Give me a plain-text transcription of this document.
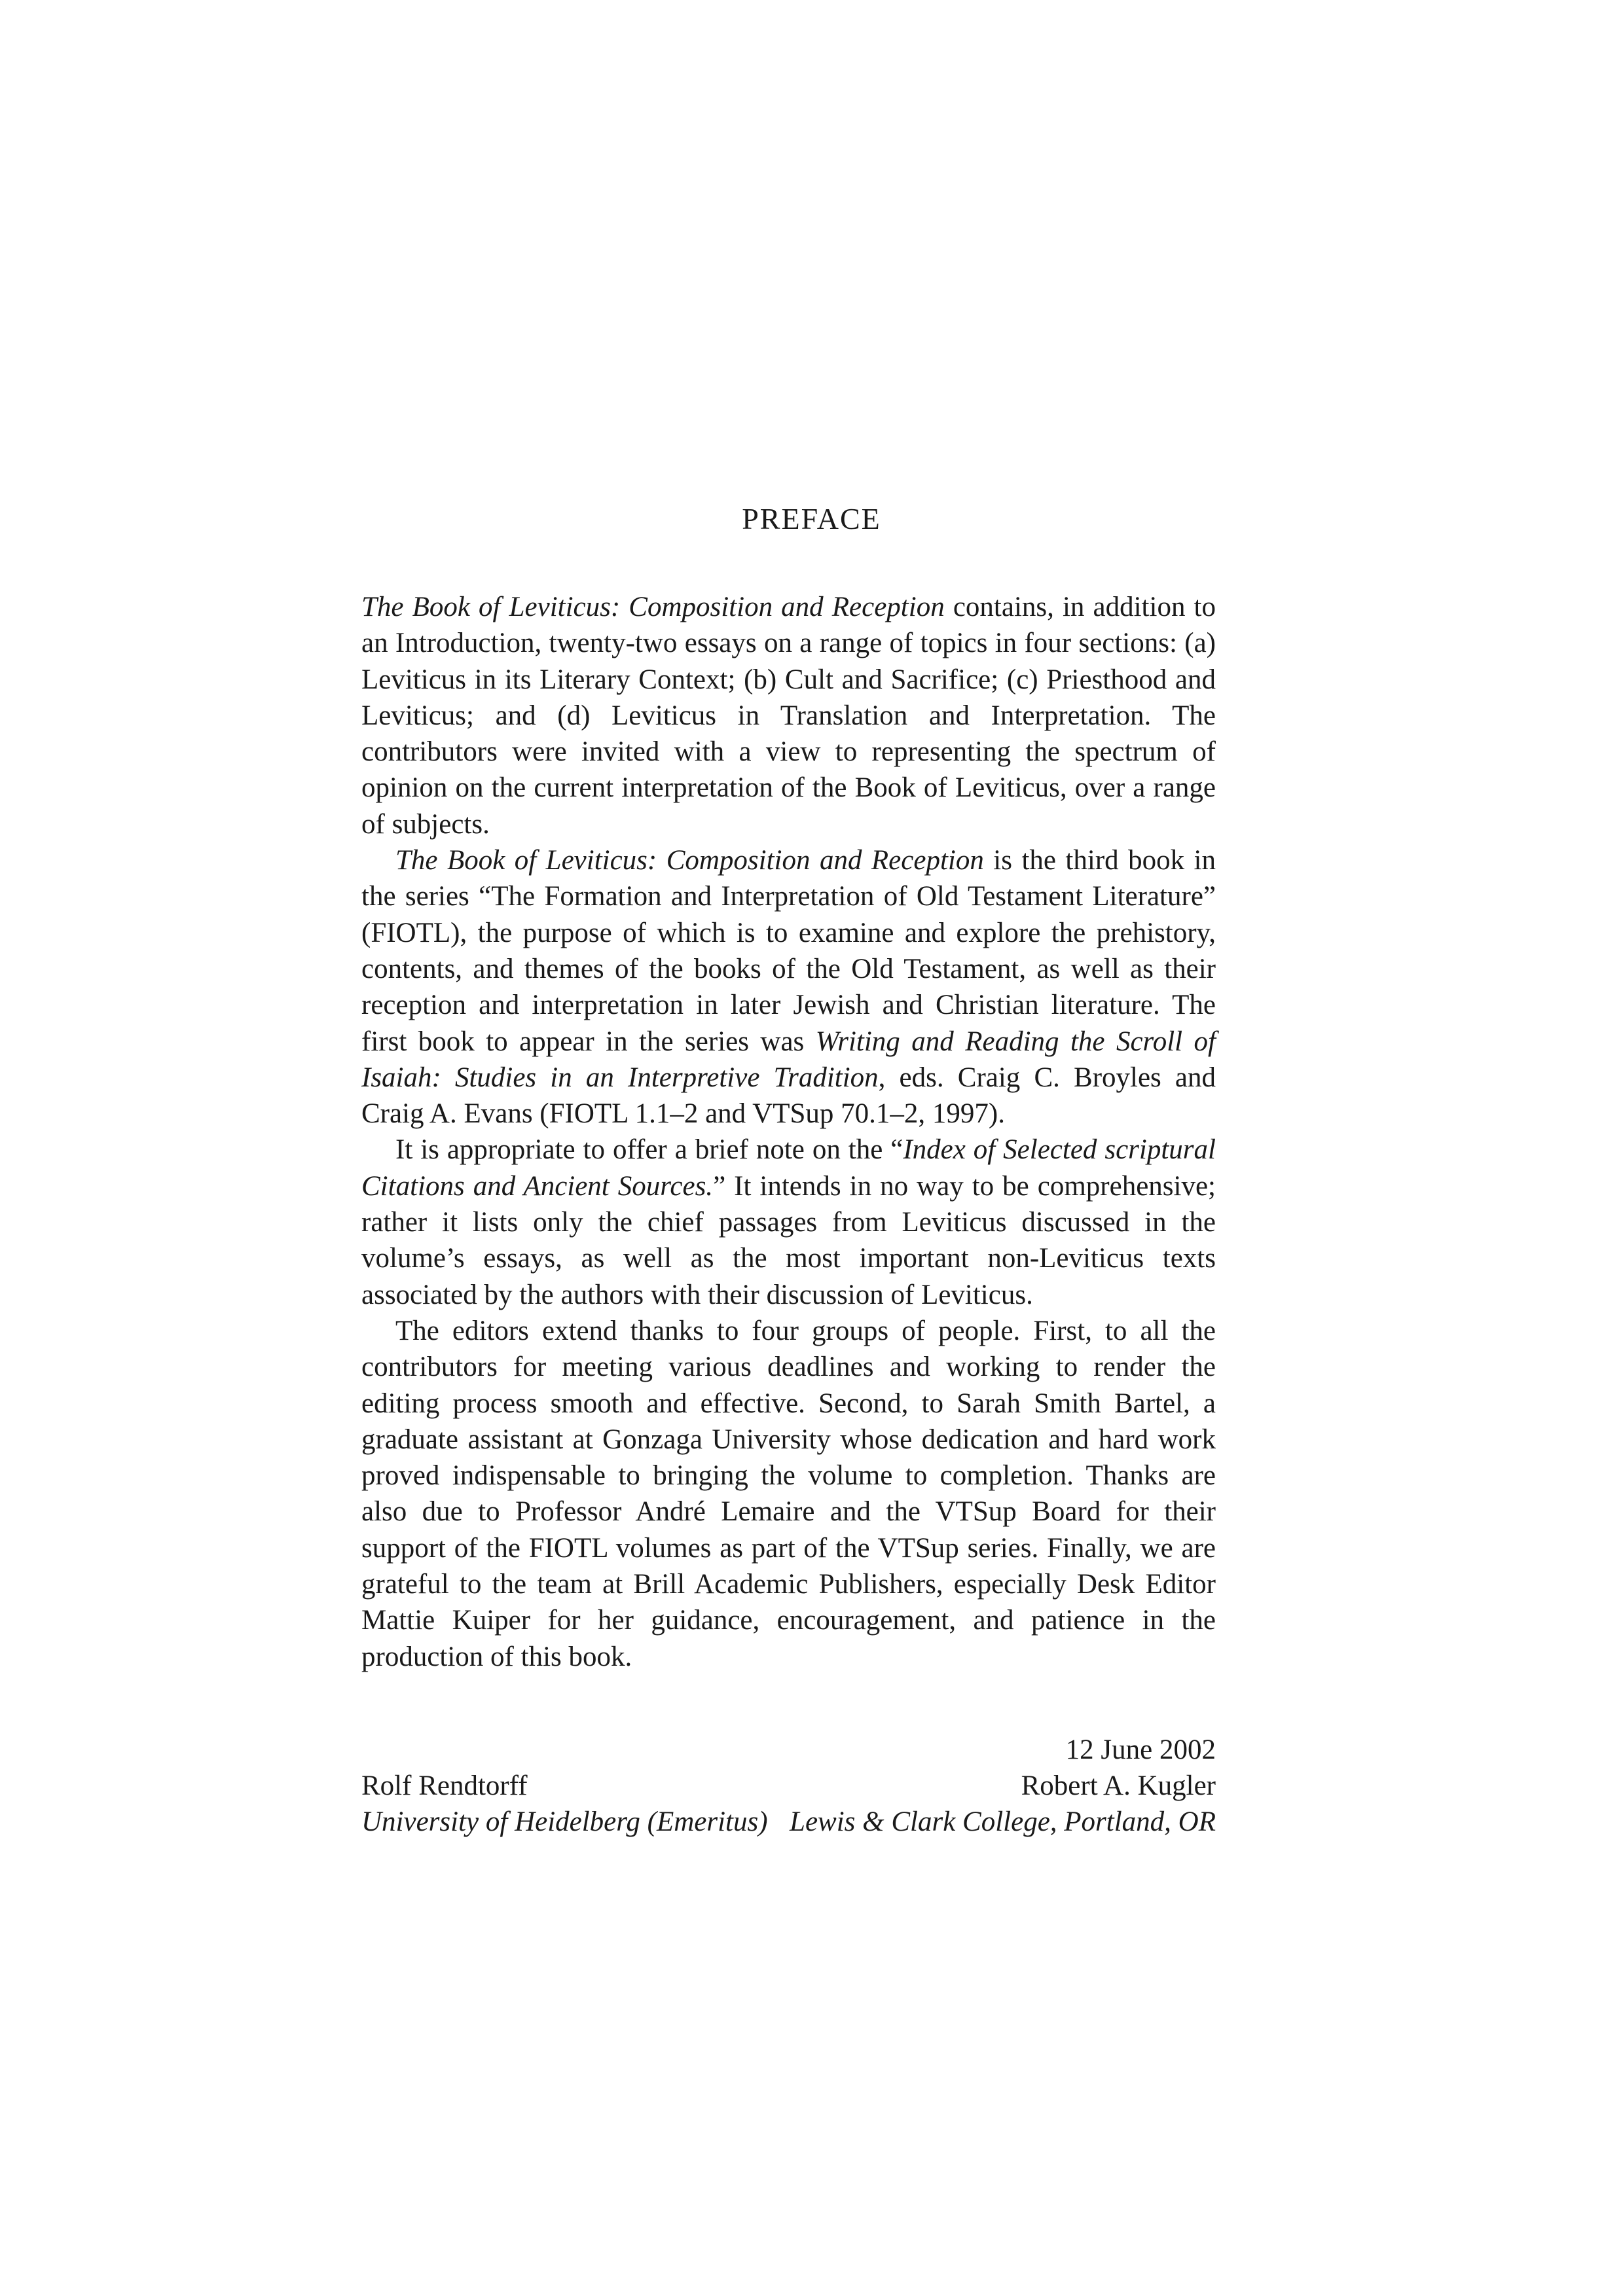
PREFACE

The Book of Leviticus: Composition and Reception contains, in addition to an Introduction, twenty-two essays on a range of topics in four sections: (a) Leviticus in its Literary Context; (b) Cult and Sacrifice; (c) Priesthood and Leviticus; and (d) Leviticus in Translation and Interpretation. The contributors were invited with a view to representing the spectrum of opinion on the current interpretation of the Book of Leviticus, over a range of subjects.

The Book of Leviticus: Composition and Reception is the third book in the series “The Formation and Interpretation of Old Testament Literature” (FIOTL), the purpose of which is to examine and explore the prehistory, contents, and themes of the books of the Old Testament, as well as their reception and interpretation in later Jewish and Christian literature. The first book to appear in the series was Writing and Reading the Scroll of Isaiah: Studies in an Interpretive Tradition, eds. Craig C. Broyles and Craig A. Evans (FIOTL 1.1–2 and VTSup 70.1–2, 1997).

It is appropriate to offer a brief note on the “Index of Selected scriptural Citations and Ancient Sources.” It intends in no way to be comprehensive; rather it lists only the chief passages from Leviticus discussed in the volume’s essays, as well as the most important non-Leviticus texts associated by the authors with their discussion of Leviticus.

The editors extend thanks to four groups of people. First, to all the contributors for meeting various deadlines and working to render the editing process smooth and effective. Second, to Sarah Smith Bartel, a graduate assistant at Gonzaga University whose dedication and hard work proved indispensable to bringing the volume to completion. Thanks are also due to Professor André Lemaire and the VTSup Board for their support of the FIOTL volumes as part of the VTSup series. Finally, we are grateful to the team at Brill Academic Publishers, especially Desk Editor Mattie Kuiper for her guidance, encouragement, and patience in the production of this book.

12 June 2002
Rolf Rendtorff	Robert A. Kugler
University of Heidelberg (Emeritus) Lewis & Clark College, Portland, OR
